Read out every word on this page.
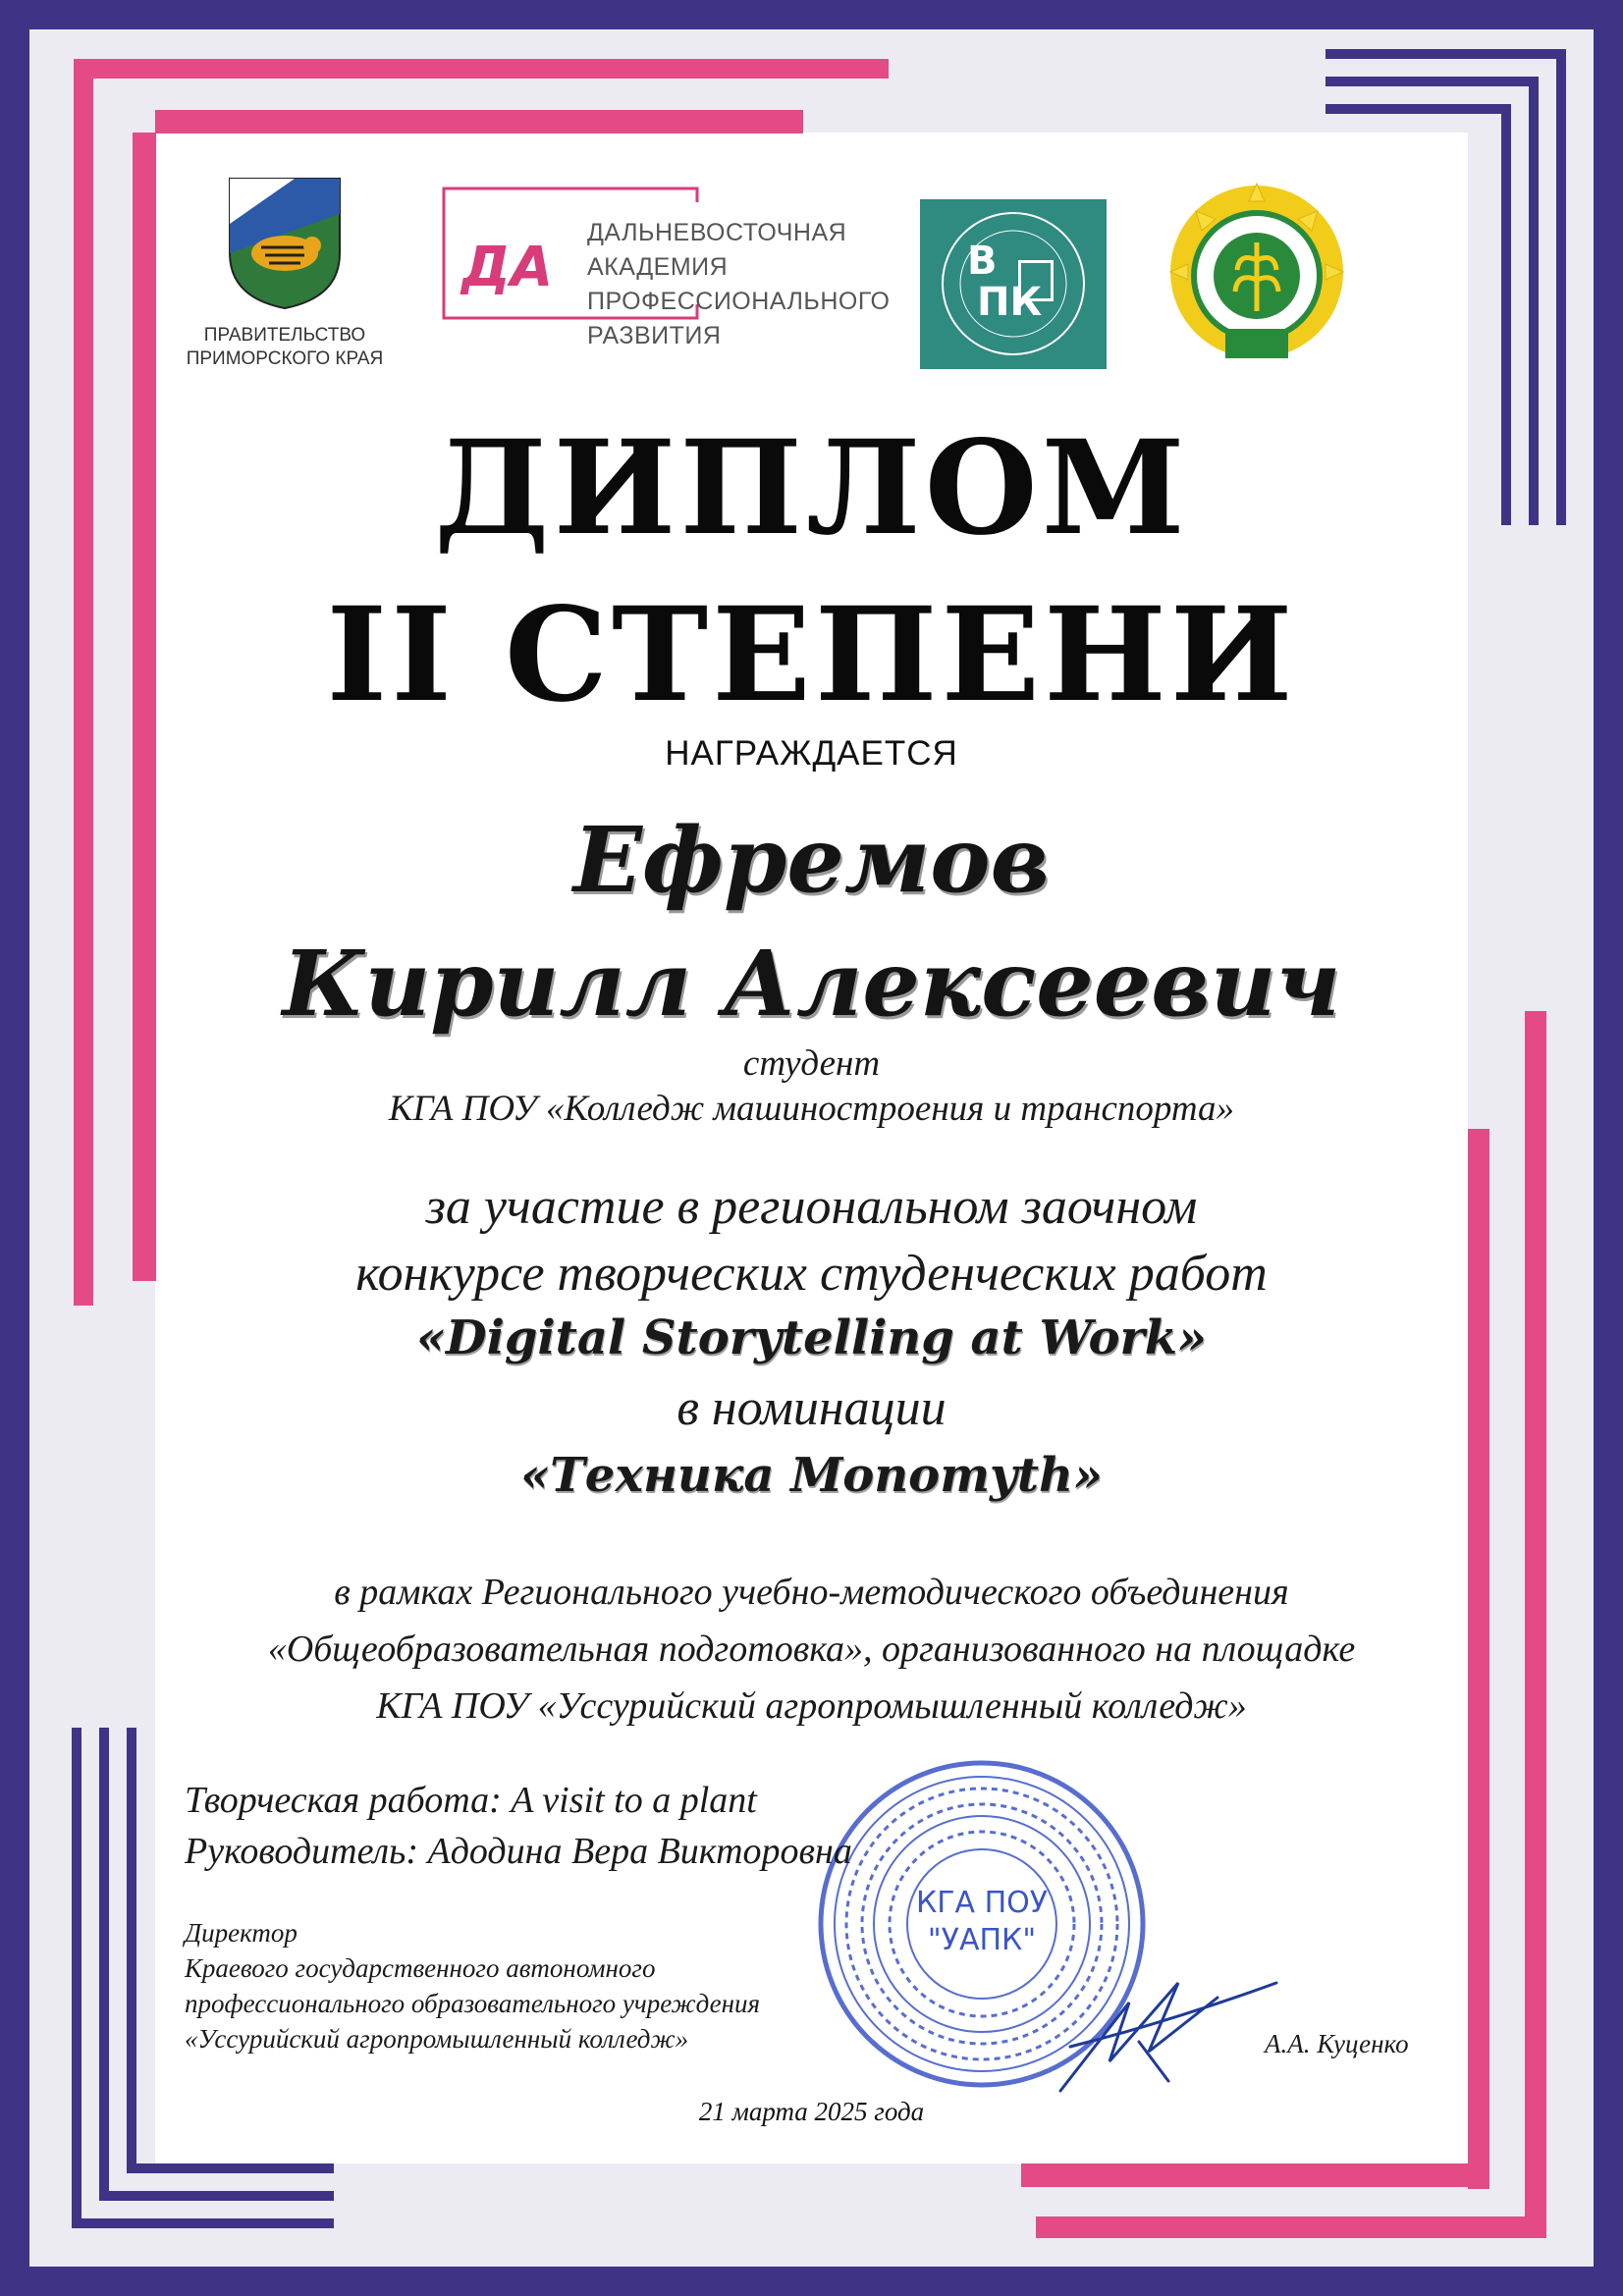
ПРАВИТЕЛЬСТВО
ПРИМОРСКОГО КРАЯ
ДА
ДАЛЬНЕВОСТОЧНАЯ
АКАДЕМИЯ
ПРОФЕССИОНАЛЬНОГО
РАЗВИТИЯ
В
ПК
ДИПЛОМ
II СТЕПЕНИ
НАГРАЖДАЕТСЯ
Ефремов
Кирилл Алексеевич
студент
КГА ПОУ «Колледж машиностроения и транспорта»
за участие в региональном заочном
конкурсе творческих студенческих работ
«Digital Storytelling at Work»
в номинации
«Техника Monomyth»
в рамках Регионального учебно-методического объединения
«Общеобразовательная подготовка», организованного на площадке
КГА ПОУ «Уссурийский агропромышленный колледж»
КГА ПОУ
"УАПК"
Творческая работа: A visit to a plant
Руководитель: Адодина Вера Викторовна
Директор
Краевого государственного автономного
профессионального образовательного учреждения
«Уссурийский агропромышленный колледж»	А.А. Куценко
21 марта 2025 года
